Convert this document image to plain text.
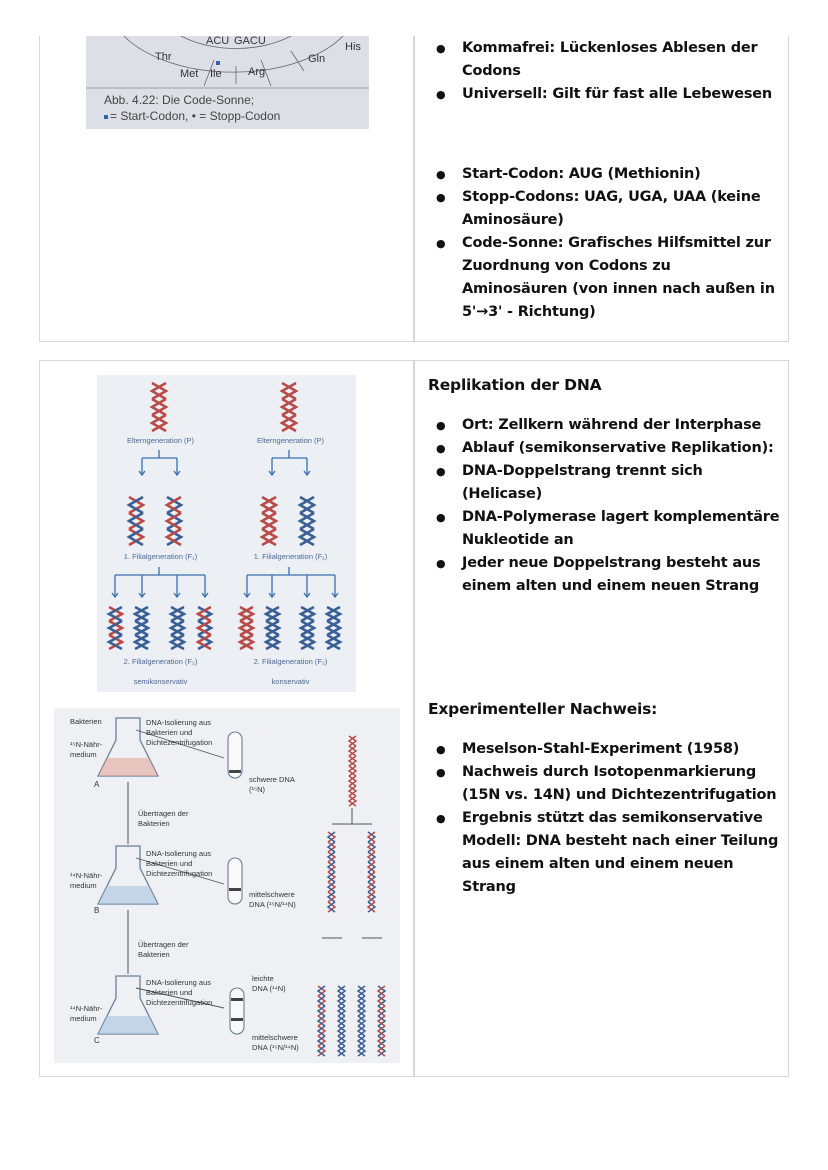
ACU GACU
Thr
His
Gln
Met Ile Arg
Abb. 4.22: Die Code-Sonne;
= Start-Codon, • = Stopp-Codon
● Kommafrei: Lückenloses Ablesen der Codons
● Universell: Gilt für fast alle Lebewesen
● Start-Codon: AUG (Methionin)
● Stopp-Codons: UAG, UGA, UAA (keine Aminosäure)
● Code-Sonne: Grafisches Hilfsmittel zur Zuordnung von Codons zu Aminosäuren (von innen nach außen in 5'→3' - Richtung)
Elterngeneration (P)	Elterngeneration (P)
1. Filialgeneration (F₁)	1. Filialgeneration (F₁)
2. Filialgeneration (F₂)	2. Filialgeneration (F₂)
semikonservativ	konservativ
Bakterien
¹⁵N-Nähr-
medium
A
DNA-Isolierung aus
Bakterien und
Dichtezentrifugation
schwere DNA
(¹⁵N)
Übertragen der
Bakterien
¹⁴N-Nähr-
medium
B
DNA-Isolierung aus
Bakterien und
Dichtezentrifugation
mittelschwere
DNA (¹⁵N/¹⁴N)
Übertragen der
Bakterien
¹⁴N-Nähr-
medium
C
DNA-Isolierung aus
Bakterien und
Dichtezentrifugation
leichte
DNA (¹⁴N)
mittelschwere
DNA (¹⁵N/¹⁴N)
Replikation der DNA
● Ort: Zellkern während der Interphase
● Ablauf (semikonservative Replikation):
● DNA-Doppelstrang trennt sich (Helicase)
● DNA-Polymerase lagert komplementäre Nukleotide an
● Jeder neue Doppelstrang besteht aus einem alten und einem neuen Strang
Experimenteller Nachweis:
● Meselson-Stahl-Experiment (1958)
● Nachweis durch Isotopenmarkierung (15N vs. 14N) und Dichtezentrifugation
● Ergebnis stützt das semikonservative Modell: DNA besteht nach einer Teilung aus einem alten und einem neuen Strang
